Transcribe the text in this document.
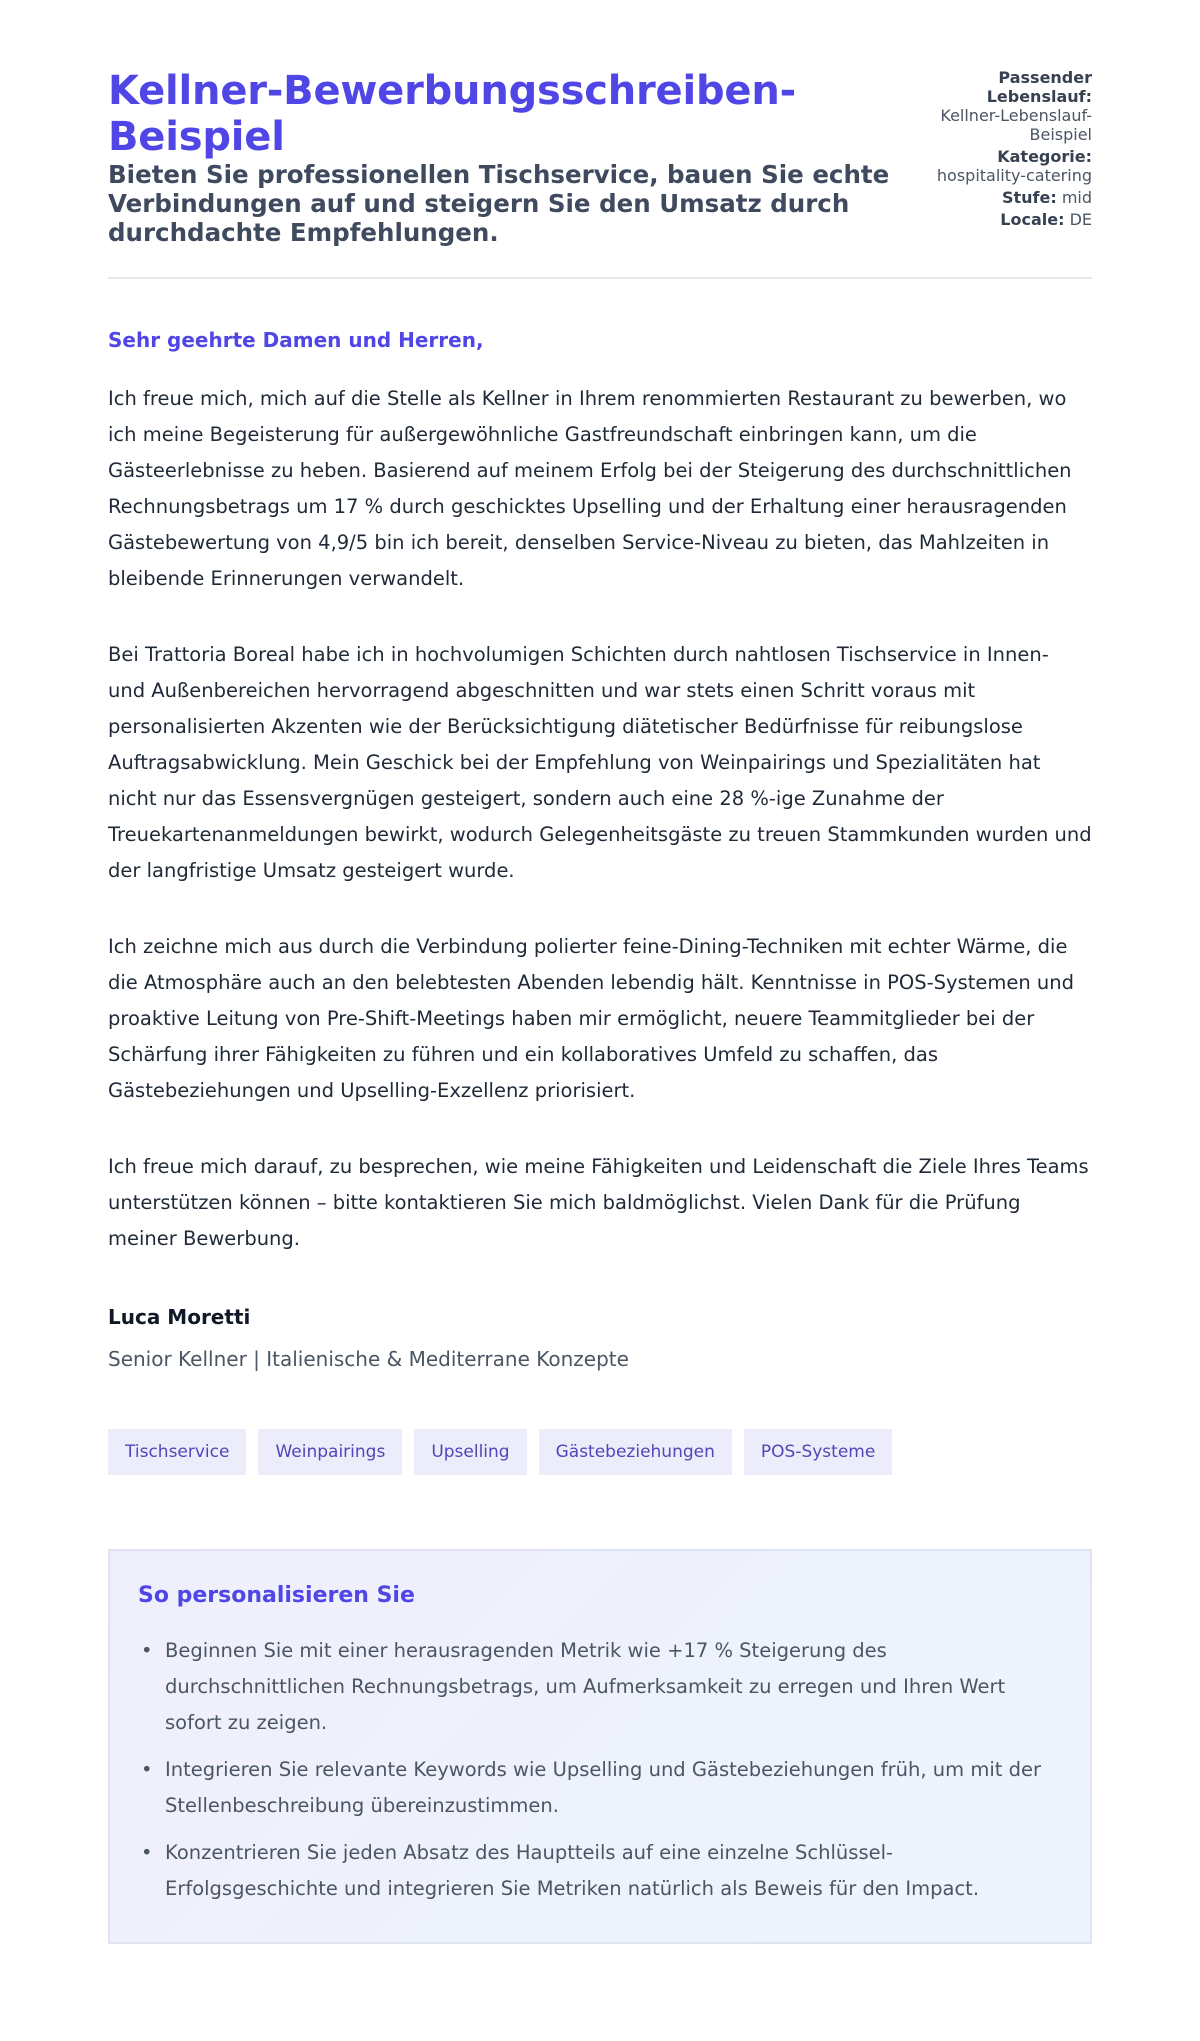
Kellner-Bewerbungsschreiben-Beispiel
Bieten Sie professionellen Tischservice, bauen Sie echte Verbindungen auf und steigern Sie den Umsatz durch durchdachte Empfehlungen.
Passender Lebenslauf:
Kellner-Lebenslauf-Beispiel
Kategorie:
hospitality-catering
Stufe: mid
Locale: DE

Sehr geehrte Damen und Herren,

Ich freue mich, mich auf die Stelle als Kellner in Ihrem renommierten Restaurant zu bewerben, wo ich meine Begeisterung für außergewöhnliche Gastfreundschaft einbringen kann, um die Gästeerlebnisse zu heben. Basierend auf meinem Erfolg bei der Steigerung des durchschnittlichen Rechnungsbetrags um 17 % durch geschicktes Upselling und der Erhaltung einer herausragenden Gästebewertung von 4,9/5 bin ich bereit, denselben Service-Niveau zu bieten, das Mahlzeiten in bleibende Erinnerungen verwandelt.

Bei Trattoria Boreal habe ich in hochvolumigen Schichten durch nahtlosen Tischservice in Innen- und Außenbereichen hervorragend abgeschnitten und war stets einen Schritt voraus mit personalisierten Akzenten wie der Berücksichtigung diätetischer Bedürfnisse für reibungslose Auftragsabwicklung. Mein Geschick bei der Empfehlung von Weinpairings und Spezialitäten hat nicht nur das Essensvergnügen gesteigert, sondern auch eine 28 %-ige Zunahme der Treuekartenanmeldungen bewirkt, wodurch Gelegenheitsgäste zu treuen Stammkunden wurden und der langfristige Umsatz gesteigert wurde.

Ich zeichne mich aus durch die Verbindung polierter feine-Dining-Techniken mit echter Wärme, die die Atmosphäre auch an den belebtesten Abenden lebendig hält. Kenntnisse in POS-Systemen und proaktive Leitung von Pre-Shift-Meetings haben mir ermöglicht, neuere Teammitglieder bei der Schärfung ihrer Fähigkeiten zu führen und ein kollaboratives Umfeld zu schaffen, das Gästebeziehungen und Upselling-Exzellenz priorisiert.

Ich freue mich darauf, zu besprechen, wie meine Fähigkeiten und Leidenschaft die Ziele Ihres Teams unterstützen können – bitte kontaktieren Sie mich baldmöglichst. Vielen Dank für die Prüfung meiner Bewerbung.

Luca Moretti
Senior Kellner | Italienische & Mediterrane Konzepte
Tischservice	Weinpairings	Upselling	Gästebeziehungen	POS-Systeme
So personalisieren Sie
• Beginnen Sie mit einer herausragenden Metrik wie +17 % Steigerung des durchschnittlichen Rechnungsbetrags, um Aufmerksamkeit zu erregen und Ihren Wert sofort zu zeigen.
• Integrieren Sie relevante Keywords wie Upselling und Gästebeziehungen früh, um mit der Stellenbeschreibung übereinzustimmen.
• Konzentrieren Sie jeden Absatz des Hauptteils auf eine einzelne Schlüssel-Erfolgsgeschichte und integrieren Sie Metriken natürlich als Beweis für den Impact.
